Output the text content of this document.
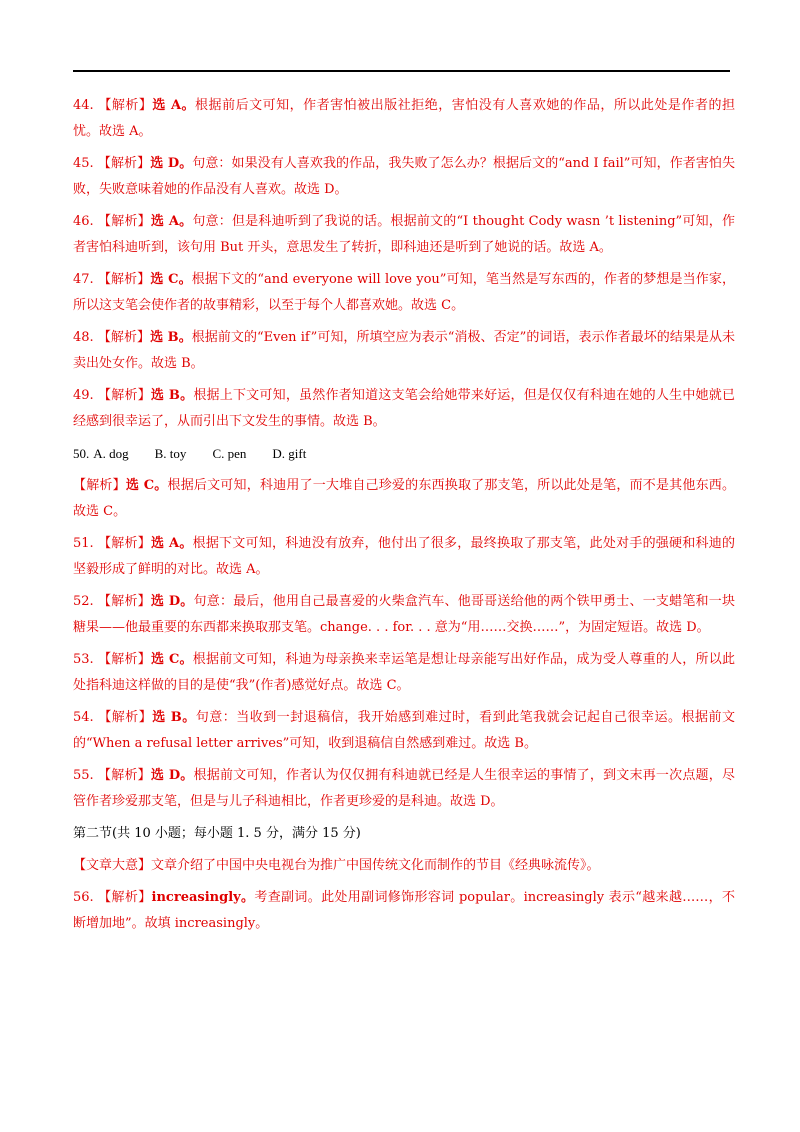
44. 【解析】选 A。根据前后文可知，作者害怕被出版社拒绝，害怕没有人喜欢她的作品，所以此处是作者的担忧。故选 A。
45. 【解析】选 D。句意：如果没有人喜欢我的作品，我失败了怎么办？根据后文的“and I fail”可知，作者害怕失败，失败意味着她的作品没有人喜欢。故选 D。
46. 【解析】选 A。句意：但是科迪听到了我说的话。根据前文的“I thought Cody wasn ’t listening”可知，作者害怕科迪听到，该句用 But 开头，意思发生了转折，即科迪还是听到了她说的话。故选 A。
47. 【解析】选 C。根据下文的“and everyone will love you”可知，笔当然是写东西的，作者的梦想是当作家，所以这支笔会使作者的故事精彩，以至于每个人都喜欢她。故选 C。
48. 【解析】选 B。根据前文的“Even if”可知，所填空应为表示“消极、否定”的词语，表示作者最坏的结果是从未卖出处女作。故选 B。
49. 【解析】选 B。根据上下文可知，虽然作者知道这支笔会给她带来好运，但是仅仅有科迪在她的人生中她就已经感到很幸运了，从而引出下文发生的事情。故选 B。
50. A. dog B. toy C. pen D. gift
【解析】选 C。根据后文可知，科迪用了一大堆自己珍爱的东西换取了那支笔，所以此处是笔，而不是其他东西。故选 C。
51. 【解析】选 A。根据下文可知，科迪没有放弃，他付出了很多，最终换取了那支笔，此处对手的强硬和科迪的坚毅形成了鲜明的对比。故选 A。
52. 【解析】选 D。句意：最后，他用自己最喜爱的火柴盒汽车、他哥哥送给他的两个铁甲勇士、一支蜡笔和一块糖果——他最重要的东西都来换取那支笔。change. . . for. . . 意为“用……交换……”，为固定短语。故选 D。
53. 【解析】选 C。根据前文可知，科迪为母亲换来幸运笔是想让母亲能写出好作品，成为受人尊重的人，所以此处指科迪这样做的目的是使“我”(作者)感觉好点。故选 C。
54. 【解析】选 B。句意：当收到一封退稿信，我开始感到难过时，看到此笔我就会记起自己很幸运。根据前文的“When a refusal letter arrives”可知，收到退稿信自然感到难过。故选 B。
55. 【解析】选 D。根据前文可知，作者认为仅仅拥有科迪就已经是人生很幸运的事情了，到文末再一次点题，尽管作者珍爱那支笔，但是与儿子科迪相比，作者更珍爱的是科迪。故选 D。
第二节(共 10 小题；每小题 1. 5 分，满分 15 分)
【文章大意】文章介绍了中国中央电视台为推广中国传统文化而制作的节目《经典咏流传》。
56. 【解析】increasingly。考查副词。此处用副词修饰形容词 popular。increasingly 表示“越来越……，不断增加地”。故填 increasingly。
